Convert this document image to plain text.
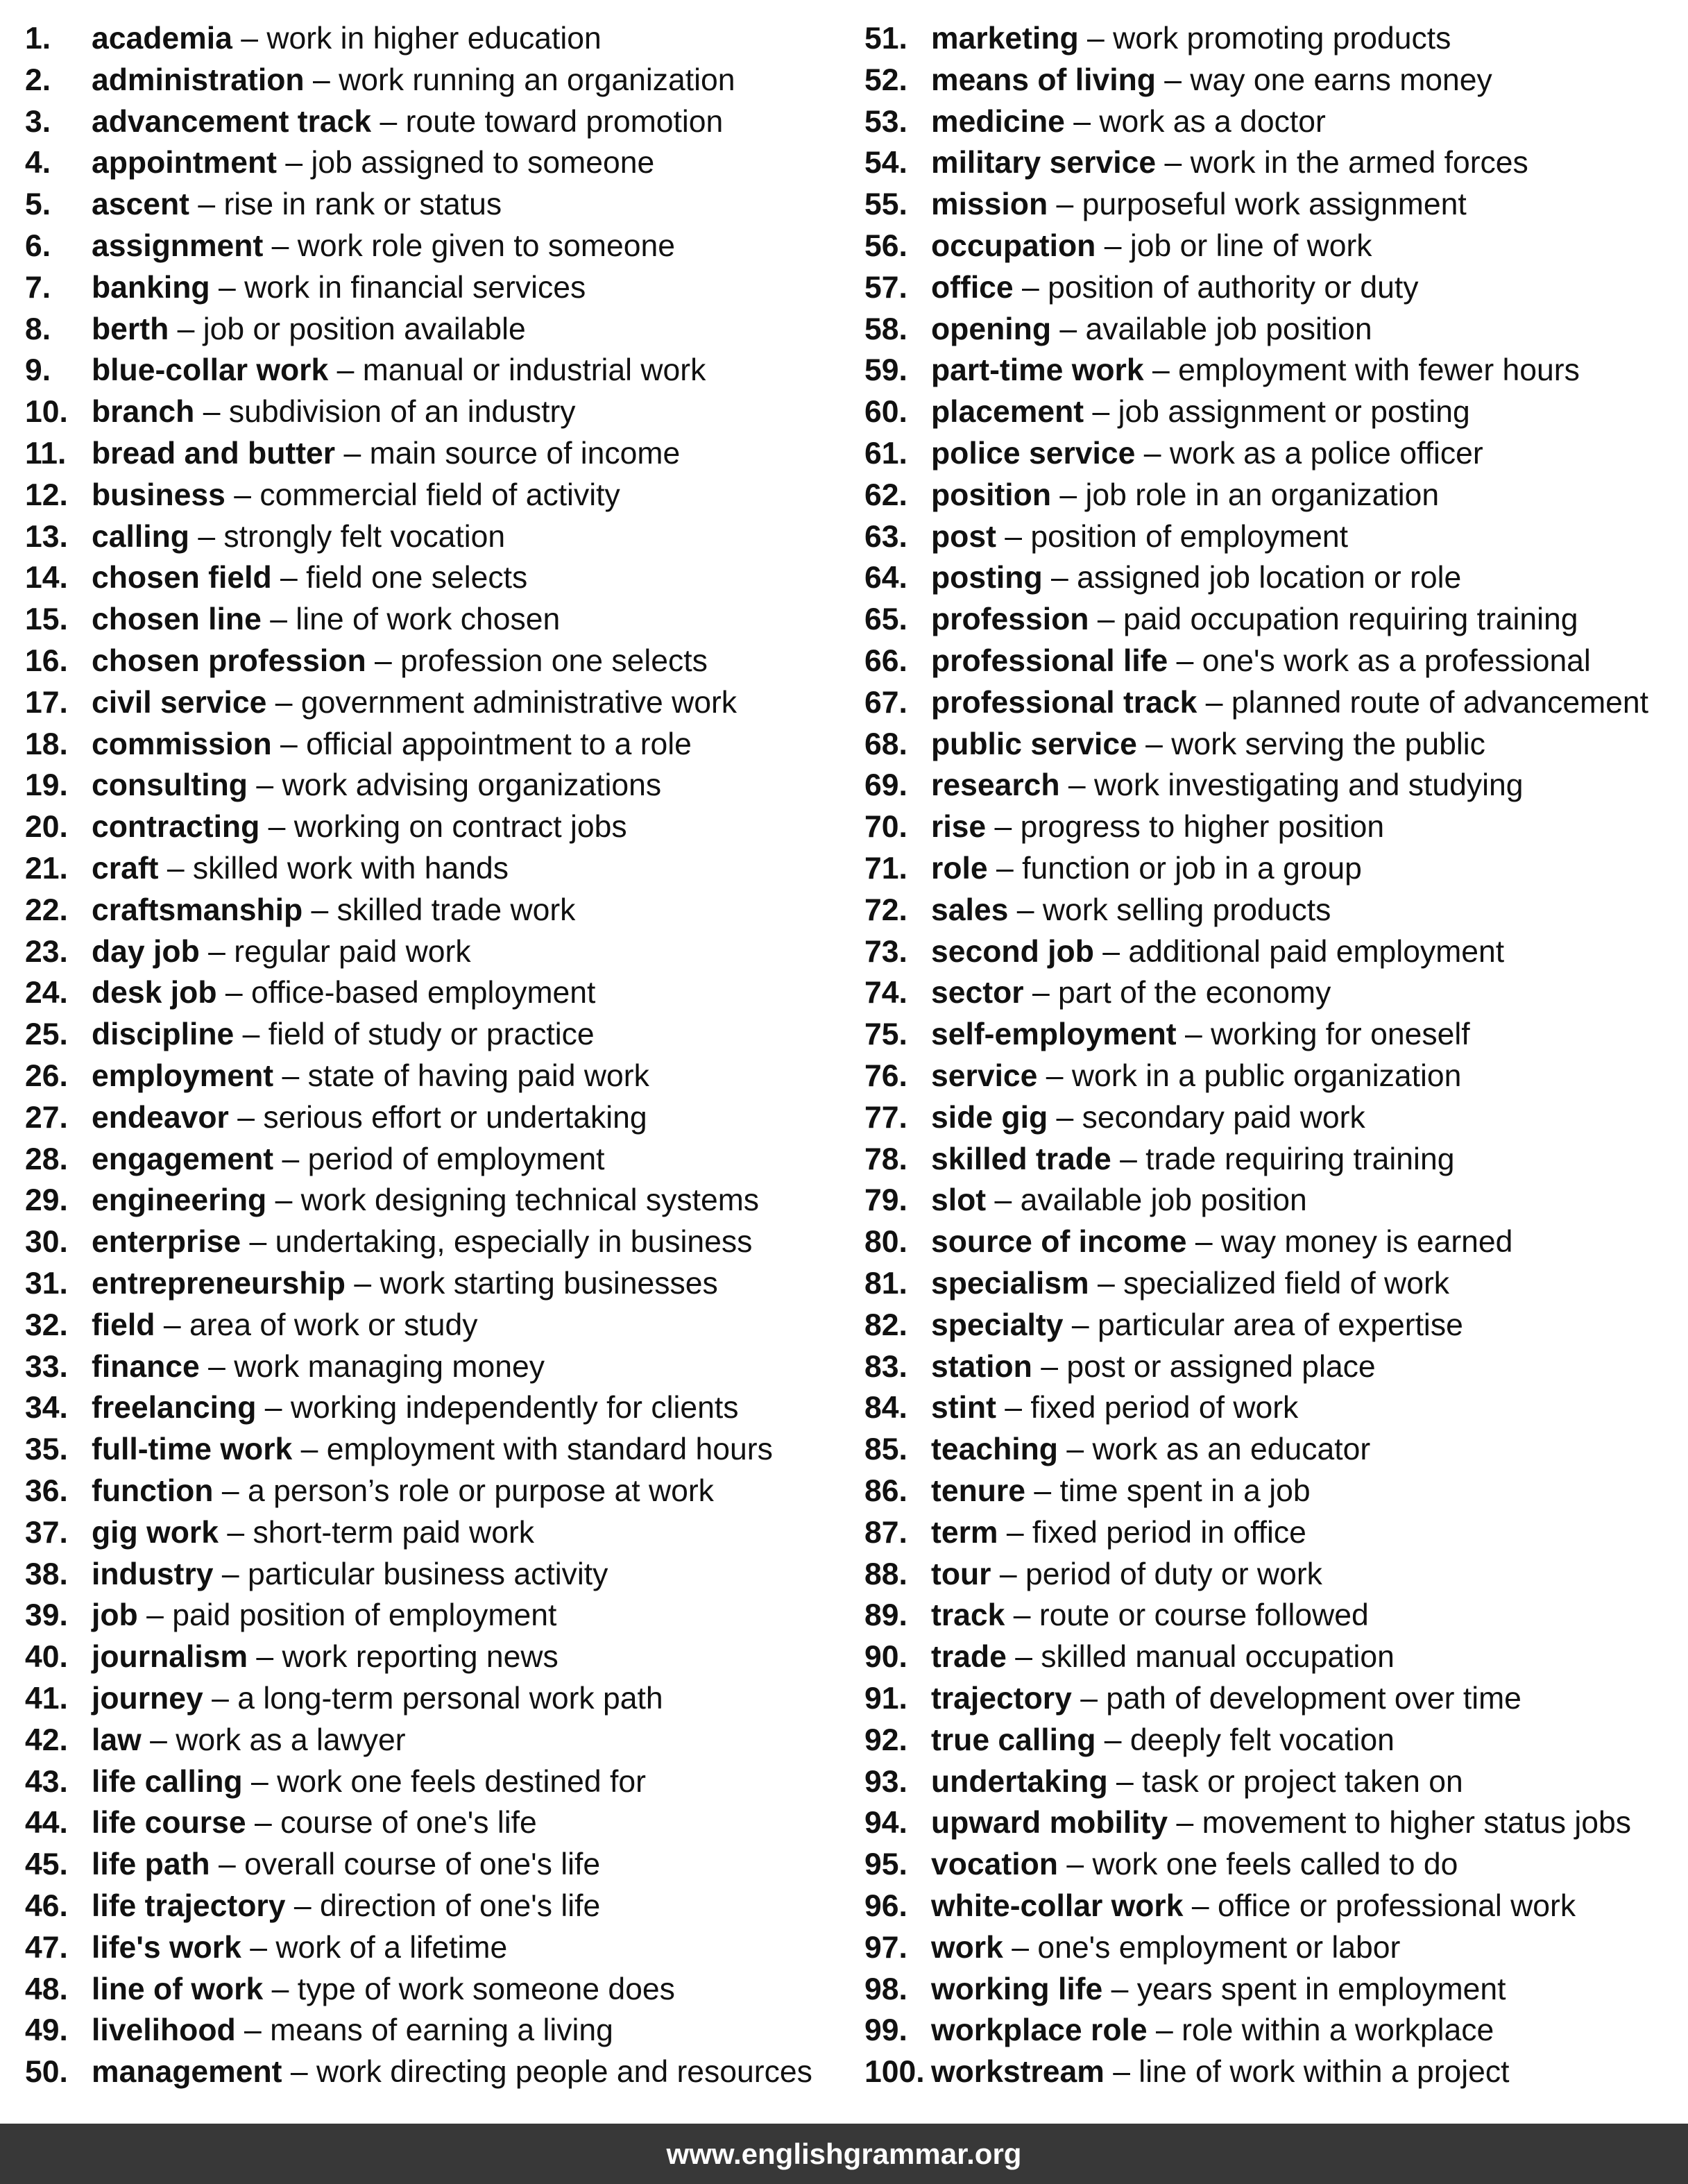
1. academia – work in higher education
2. administration – work running an organization
3. advancement track – route toward promotion
4. appointment – job assigned to someone
5. ascent – rise in rank or status
6. assignment – work role given to someone
7. banking – work in financial services
8. berth – job or position available
9. blue-collar work – manual or industrial work
10. branch – subdivision of an industry
11. bread and butter – main source of income
12. business – commercial field of activity
13. calling – strongly felt vocation
14. chosen field – field one selects
15. chosen line – line of work chosen
16. chosen profession – profession one selects
17. civil service – government administrative work
18. commission – official appointment to a role
19. consulting – work advising organizations
20. contracting – working on contract jobs
21. craft – skilled work with hands
22. craftsmanship – skilled trade work
23. day job – regular paid work
24. desk job – office-based employment
25. discipline – field of study or practice
26. employment – state of having paid work
27. endeavor – serious effort or undertaking
28. engagement – period of employment
29. engineering – work designing technical systems
30. enterprise – undertaking, especially in business
31. entrepreneurship – work starting businesses
32. field – area of work or study
33. finance – work managing money
34. freelancing – working independently for clients
35. full-time work – employment with standard hours
36. function – a person’s role or purpose at work
37. gig work – short-term paid work
38. industry – particular business activity
39. job – paid position of employment
40. journalism – work reporting news
41. journey – a long-term personal work path
42. law – work as a lawyer
43. life calling – work one feels destined for
44. life course – course of one's life
45. life path – overall course of one's life
46. life trajectory – direction of one's life
47. life's work – work of a lifetime
48. line of work – type of work someone does
49. livelihood – means of earning a living
50. management – work directing people and resources
51. marketing – work promoting products
52. means of living – way one earns money
53. medicine – work as a doctor
54. military service – work in the armed forces
55. mission – purposeful work assignment
56. occupation – job or line of work
57. office – position of authority or duty
58. opening – available job position
59. part-time work – employment with fewer hours
60. placement – job assignment or posting
61. police service – work as a police officer
62. position – job role in an organization
63. post – position of employment
64. posting – assigned job location or role
65. profession – paid occupation requiring training
66. professional life – one's work as a professional
67. professional track – planned route of advancement
68. public service – work serving the public
69. research – work investigating and studying
70. rise – progress to higher position
71. role – function or job in a group
72. sales – work selling products
73. second job – additional paid employment
74. sector – part of the economy
75. self-employment – working for oneself
76. service – work in a public organization
77. side gig – secondary paid work
78. skilled trade – trade requiring training
79. slot – available job position
80. source of income – way money is earned
81. specialism – specialized field of work
82. specialty – particular area of expertise
83. station – post or assigned place
84. stint – fixed period of work
85. teaching – work as an educator
86. tenure – time spent in a job
87. term – fixed period in office
88. tour – period of duty or work
89. track – route or course followed
90. trade – skilled manual occupation
91. trajectory – path of development over time
92. true calling – deeply felt vocation
93. undertaking – task or project taken on
94. upward mobility – movement to higher status jobs
95. vocation – work one feels called to do
96. white-collar work – office or professional work
97. work – one's employment or labor
98. working life – years spent in employment
99. workplace role – role within a workplace
100. workstream – line of work within a project
www.englishgrammar.org
